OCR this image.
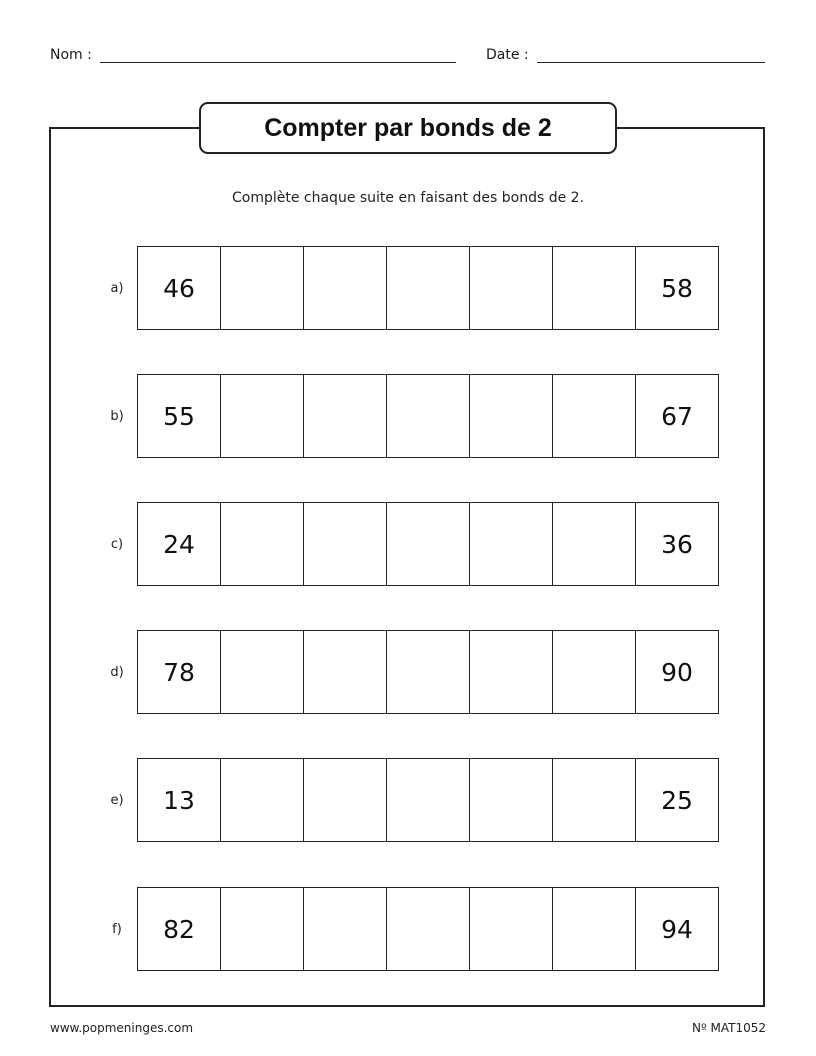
Nom :	Date :
Compter par bonds de 2
Complète chaque suite en faisant des bonds de 2.
a)	46	58
b)	55	67
c)	24	36
d)	78	90
e)	13	25
f)	82	94
www.popmeninges.com	Nº MAT1052
